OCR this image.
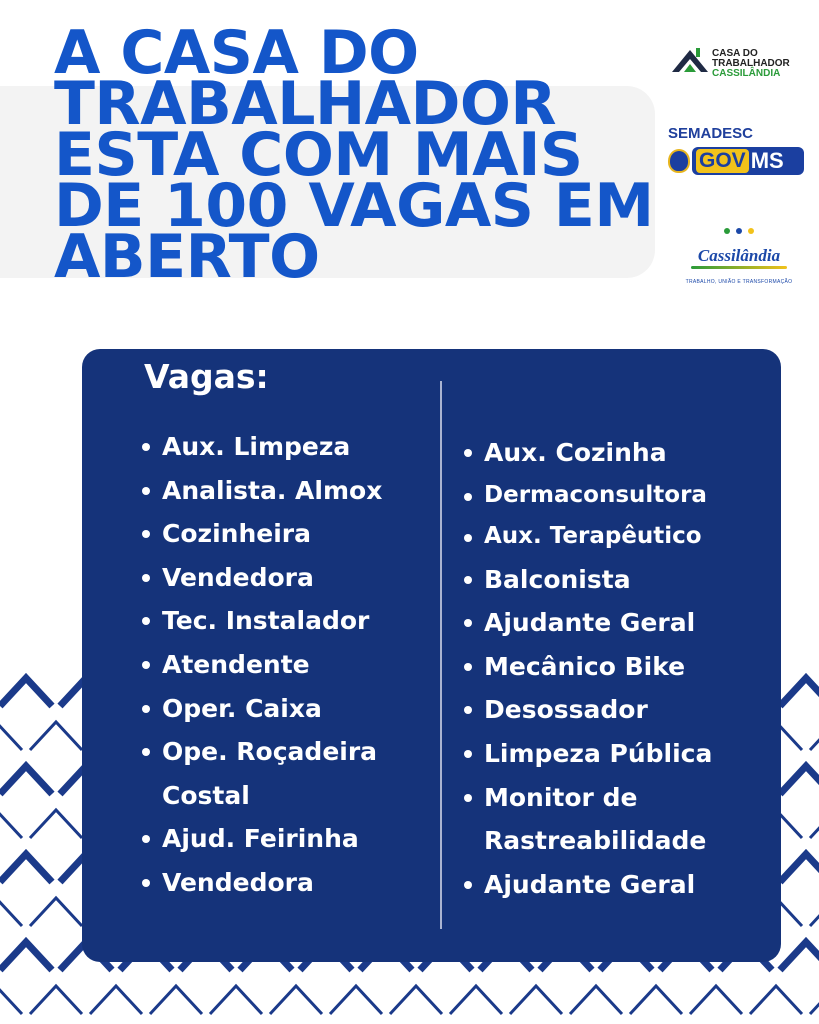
A CASA DO
TRABALHADOR
ESTA COM MAIS
DE 100 VAGAS EM
ABERTO
CASA DO
TRABALHADOR
CASSILÂNDIA
SEMADESC
GOV MS
Cassilândia
TRABALHO, UNIÃO E TRANSFORMAÇÃO
Vagas:
Aux. Limpeza
Analista. Almox
Cozinheira
Vendedora
Tec. Instalador
Atendente
Oper. Caixa
Ope. Roçadeira Costal
Ajud. Feirinha
Vendedora
Aux. Cozinha
Dermaconsultora
Aux. Terapêutico
Balconista
Ajudante Geral
Mecânico Bike
Desossador
Limpeza Pública
Monitor de Rastreabilidade
Ajudante Geral
